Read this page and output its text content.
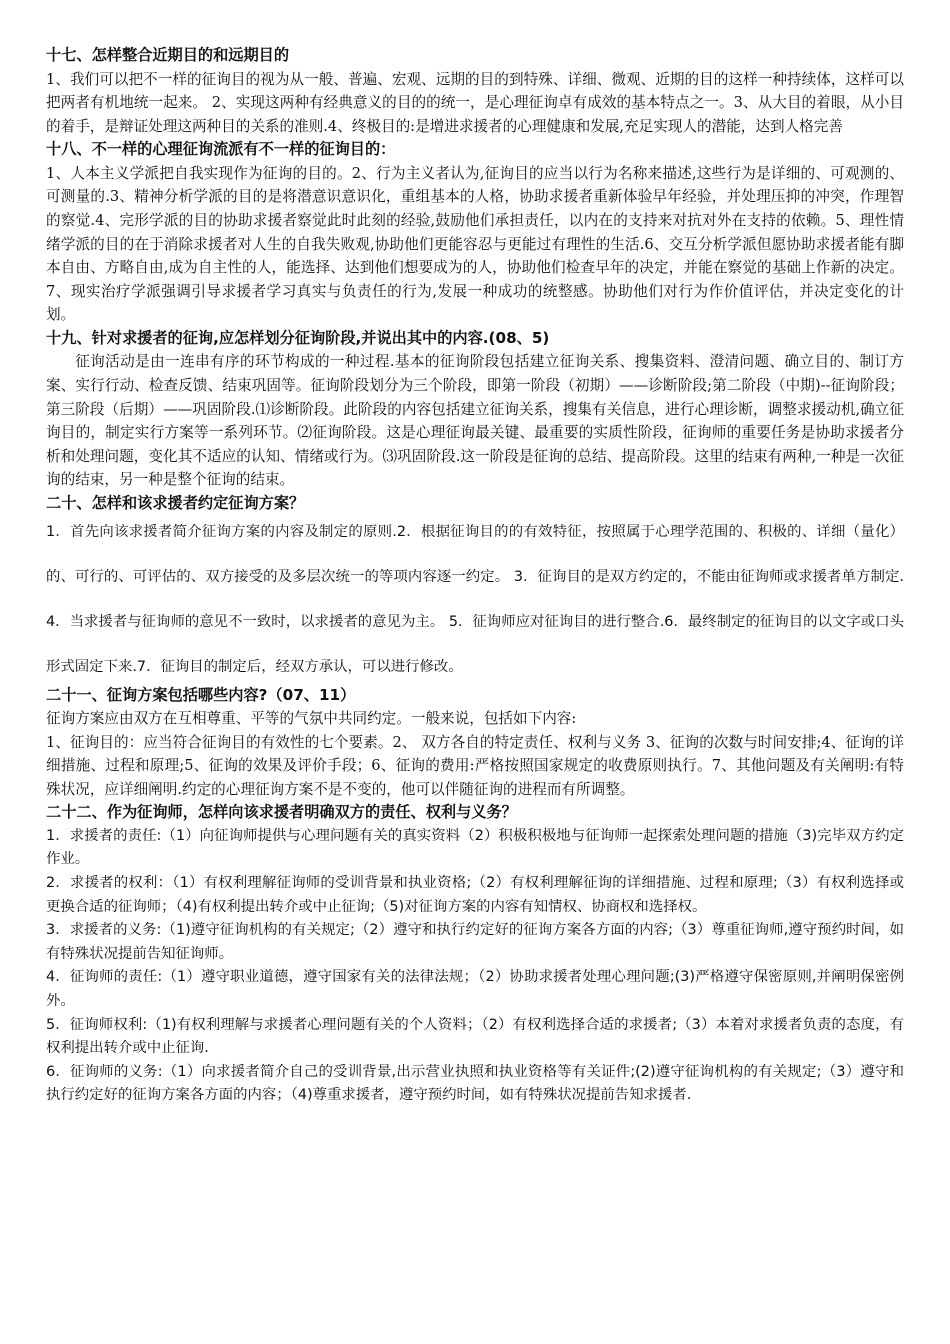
十七、怎样整合近期目的和远期目的

1、我们可以把不一样的征询目的视为从一般、普遍、宏观、远期的目的到特殊、详细、微观、近期的目的这样一种持续体，这样可以把两者有机地统一起来。 2、实现这两种有经典意义的目的的统一，是心理征询卓有成效的基本特点之一。3、从大目的着眼，从小目的着手，是辩证处理这两种目的关系的准则.4、终极目的:是增进求援者的心理健康和发展,充足实现人的潜能，达到人格完善

十八、不一样的心理征询流派有不一样的征询目的：

1、人本主义学派把自我实现作为征询的目的。2、行为主义者认为,征询目的应当以行为名称来描述,这些行为是详细的、可观测的、可测量的.3、精神分析学派的目的是将潜意识意识化，重组基本的人格，协助求援者重新体验早年经验，并处理压抑的冲突，作理智的察觉.4、完形学派的目的协助求援者察觉此时此刻的经验,鼓励他们承担责任，以内在的支持来对抗对外在支持的依赖。5、理性情绪学派的目的在于消除求援者对人生的自我失败观,协助他们更能容忍与更能过有理性的生活.6、交互分析学派但愿协助求援者能有脚本自由、方略自由,成为自主性的人，能选择、达到他们想要成为的人，协助他们检查早年的决定，并能在察觉的基础上作新的决定。7、现实治疗学派强调引导求援者学习真实与负责任的行为,发展一种成功的统整感。协助他们对行为作价值评估，并决定变化的计划。

十九、针对求援者的征询,应怎样划分征询阶段,并说出其中的内容.(08、5)

征询活动是由一连串有序的环节构成的一种过程.基本的征询阶段包括建立征询关系、搜集资料、澄清问题、确立目的、制订方案、实行行动、检查反馈、结束巩固等。征询阶段划分为三个阶段，即第一阶段（初期）——诊断阶段;第二阶段（中期)--征询阶段；第三阶段（后期）——巩固阶段.⑴诊断阶段。此阶段的内容包括建立征询关系，搜集有关信息，进行心理诊断，调整求援动机,确立征询目的，制定实行方案等一系列环节。⑵征询阶段。这是心理征询最关键、最重要的实质性阶段，征询师的重要任务是协助求援者分析和处理问题，变化其不适应的认知、情绪或行为。⑶巩固阶段.这一阶段是征询的总结、提高阶段。这里的结束有两种,一种是一次征询的结束，另一种是整个征询的结束。

二十、怎样和该求援者约定征询方案？

1．首先向该求援者简介征询方案的内容及制定的原则.2．根据征询目的的有效特征，按照属于心理学范围的、积极的、详细（量化）的、可行的、可评估的、双方接受的及多层次统一的等项内容逐一约定。 3．征询目的是双方约定的，不能由征询师或求援者单方制定. 4．当求援者与征询师的意见不一致时，以求援者的意见为主。 5．征询师应对征询目的进行整合.6．最终制定的征询目的以文字或口头形式固定下来.7．征询目的制定后，经双方承认，可以进行修改。

二十一、征询方案包括哪些内容?（07、11）

征询方案应由双方在互相尊重、平等的气氛中共同约定。一般来说，包括如下内容:

1、征询目的：应当符合征询目的有效性的七个要素。2、 双方各自的特定责任、权利与义务 3、征询的次数与时间安排;4、征询的详细措施、过程和原理;5、征询的效果及评价手段；6、征询的费用:严格按照国家规定的收费原则执行。7、其他问题及有关阐明:有特殊状况，应详细阐明.约定的心理征询方案不是不变的，他可以伴随征询的进程而有所调整。

二十二、作为征询师，怎样向该求援者明确双方的责任、权利与义务？

1．求援者的责任:（1）向征询师提供与心理问题有关的真实资料（2）积极积极地与征询师一起探索处理问题的措施（3)完毕双方约定作业。

2．求援者的权利：（1）有权利理解征询师的受训背景和执业资格;（2）有权利理解征询的详细措施、过程和原理;（3）有权利选择或更换合适的征询师；（4)有权利提出转介或中止征询;（5)对征询方案的内容有知情权、协商权和选择权。

3．求援者的义务:（1)遵守征询机构的有关规定;（2）遵守和执行约定好的征询方案各方面的内容;（3）尊重征询师,遵守预约时间，如有特殊状况提前告知征询师。

4．征询师的责任:（1）遵守职业道德，遵守国家有关的法律法规；（2）协助求援者处理心理问题;(3)严格遵守保密原则,并阐明保密例外。

5．征询师权利:（1)有权利理解与求援者心理问题有关的个人资料；（2）有权利选择合适的求援者;（3）本着对求援者负责的态度，有权利提出转介或中止征询.

6．征询师的义务:（1）向求援者简介自己的受训背景,出示营业执照和执业资格等有关证件;(2)遵守征询机构的有关规定;（3）遵守和执行约定好的征询方案各方面的内容；（4)尊重求援者，遵守预约时间，如有特殊状况提前告知求援者.
